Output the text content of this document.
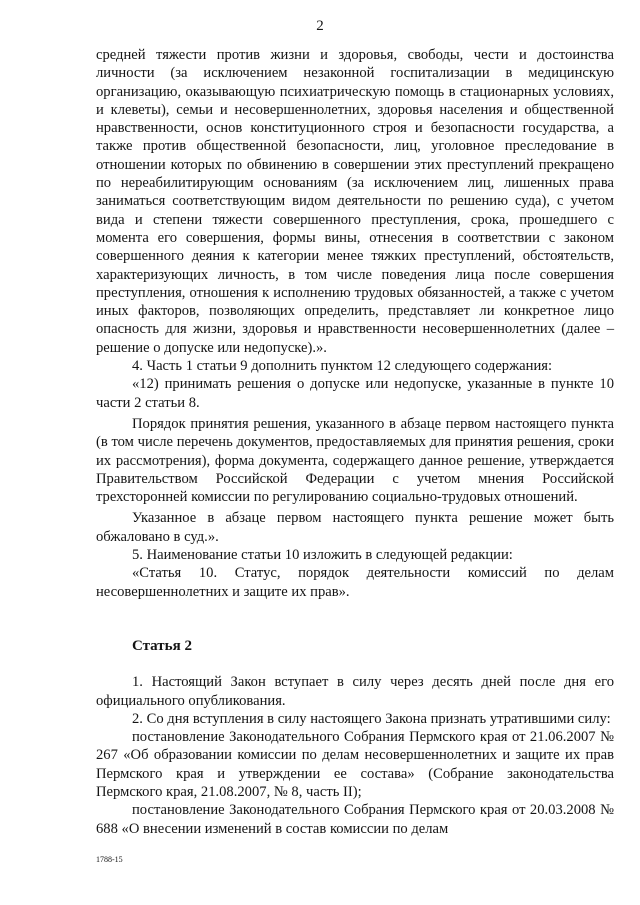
2

средней тяжести против жизни и здоровья, свободы, чести и достоинства личности (за исключением незаконной госпитализации в медицинскую организацию, оказывающую психиатрическую помощь в стационарных условиях, и клеветы), семьи и несовершеннолетних, здоровья населения и общественной нравственности, основ конституционного строя и безопасности государства, а также против общественной безопасности, лиц, уголовное преследование в отношении которых по обвинению в совершении этих преступлений прекращено по нереабилитирующим основаниям (за исключением лиц, лишенных права заниматься соответствующим видом деятельности по решению суда), с учетом вида и степени тяжести совершенного преступления, срока, прошедшего с момента его совершения, формы вины, отнесения в соответствии с законом совершенного деяния к категории менее тяжких преступлений, обстоятельств, характеризующих личность, в том числе поведения лица после совершения преступления, отношения к исполнению трудовых обязанностей, а также с учетом иных факторов, позволяющих определить, представляет ли конкретное лицо опасность для жизни, здоровья и нравственности несовершеннолетних (далее – решение о допуске или недопуске).».

4. Часть 1 статьи 9 дополнить пунктом 12 следующего содержания:

«12) принимать решения о допуске или недопуске, указанные в пункте 10 части 2 статьи 8.

Порядок принятия решения, указанного в абзаце первом настоящего пункта (в том числе перечень документов, предоставляемых для принятия решения, сроки их рассмотрения), форма документа, содержащего данное решение, утверждается Правительством Российской Федерации с учетом мнения Российской трехсторонней комиссии по регулированию социально-трудовых отношений.

Указанное в абзаце первом настоящего пункта решение может быть обжаловано в суд.».

5. Наименование статьи 10 изложить в следующей редакции:

«Статья 10. Статус, порядок деятельности комиссий по делам несовершеннолетних и защите их прав».

Статья 2

1. Настоящий Закон вступает в силу через десять дней после дня его официального опубликования.

2. Со дня вступления в силу настоящего Закона признать утратившими силу:

постановление Законодательного Собрания Пермского края от 21.06.2007 № 267 «Об образовании комиссии по делам несовершеннолетних и защите их прав Пермского края и утверждении ее состава» (Собрание законодательства Пермского края, 21.08.2007, № 8, часть II);

постановление Законодательного Собрания Пермского края от 20.03.2008 № 688 «О внесении изменений в состав комиссии по делам

1788-15
